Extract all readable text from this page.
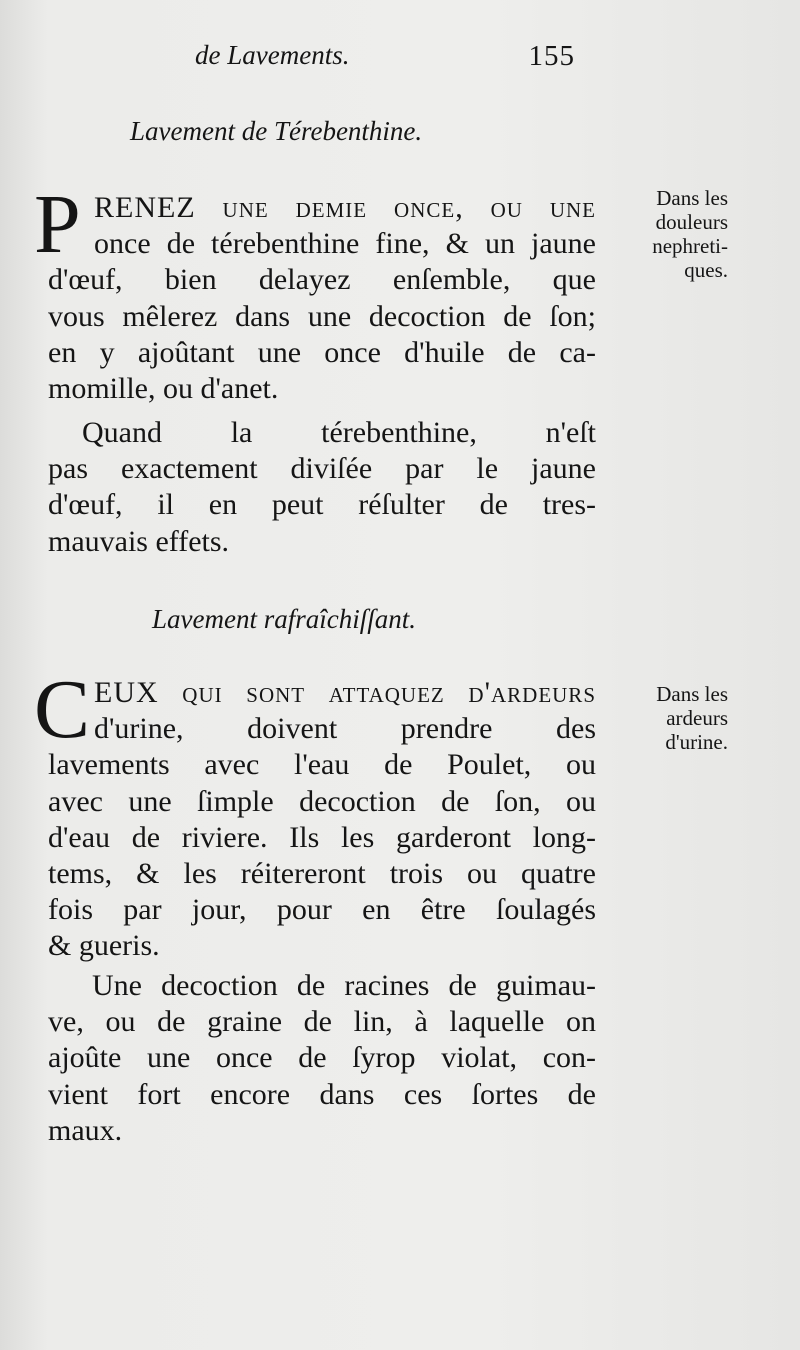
de Lavements.	155
Lavement de Térebenthine.
P RENEZ une demie once, ou une
once de térebenthine fine, & un jaune
d'œuf, bien delayez enſemble, que
vous mêlerez dans une decoction de ſon;
en y ajoûtant une once d'huile de ca-
momille, ou d'anet.
Dans les
douleurs
nephreti-
ques.
Quand la térebenthine, n'eſt
pas exactement diviſée par le jaune
d'œuf, il en peut réſulter de tres-
mauvais effets.
Lavement rafraîchiſſant.
C EUX qui ſont attaquez d'ardeurs
d'urine, doivent prendre des
lavements avec l'eau de Poulet, ou
avec une ſimple decoction de ſon, ou
d'eau de riviere. Ils les garderont long-
tems, & les réitereront trois ou quatre
fois par jour, pour en être ſoulagés
& gueris.
Dans les
ardeurs
d'urine.
Une decoction de racines de guimau-
ve, ou de graine de lin, à laquelle on
ajoûte une once de ſyrop violat, con-
vient fort encore dans ces ſortes de
maux.
